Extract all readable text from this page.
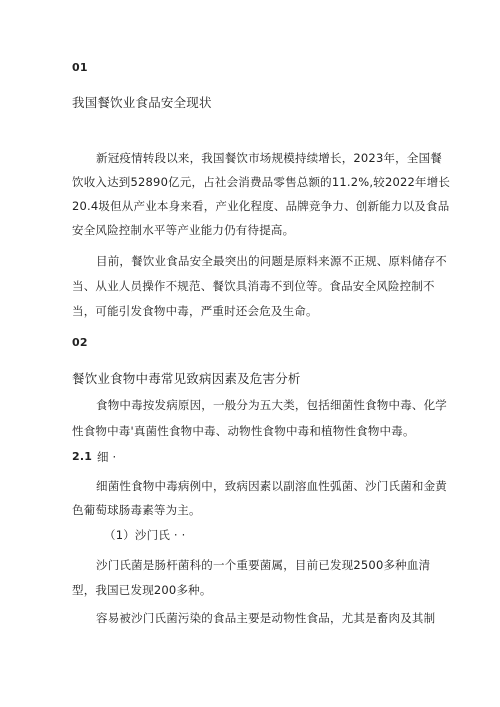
01
我国餐饮业食品安全现状
新冠疫情转段以来，我国餐饮市场规模持续增长，2023年，全国餐
饮收入达到52890亿元，占社会消费品零售总额的11.2%,较2022年增长
20.4圾但从产业本身来看，产业化程度、品牌竞争力、创新能力以及食品
安全风险控制水平等产业能力仍有待提高。
目前，餐饮业食品安全最突出的问题是原料来源不正规、原料储存不
当、从业人员操作不规范、餐饮具消毒不到位等。食品安全风险控制不
当，可能引发食物中毒，严重时还会危及生命。
02
餐饮业食物中毒常见致病因素及危害分析
食物中毒按发病原因，一般分为五大类，包括细菌性食物中毒、化学
性食物中毒'真菌性食物中毒、动物性食物中毒和植物性食物中毒。
2.1 细 ·
细菌性食物中毒病例中，致病因素以副溶血性弧菌、沙门氏菌和金黄
色葡萄球肠毒素等为主。
（1）沙门氏 · ·
沙门氏菌是肠杆菌科的一个重要菌属，目前已发现2500多种血清
型，我国已发现200多种。
容易被沙门氏菌污染的食品主要是动物性食品，尤其是畜肉及其制
